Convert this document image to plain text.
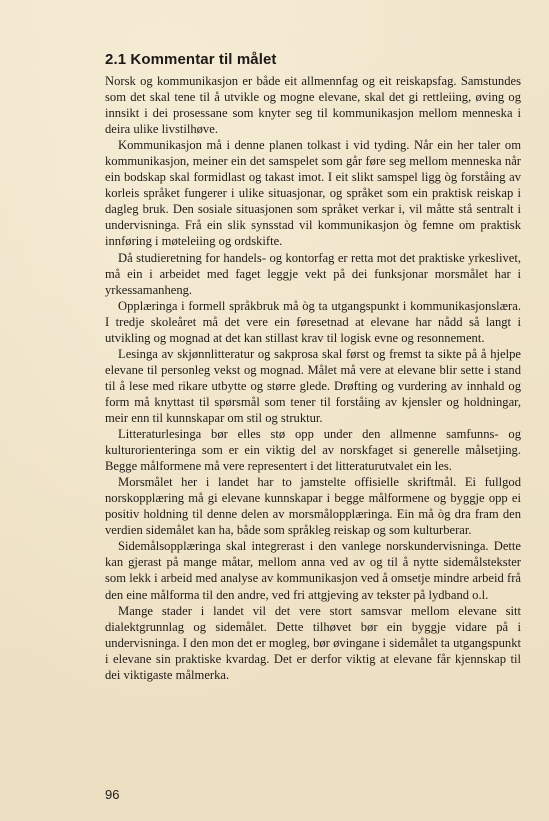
2.1 Kommentar til målet

Norsk og kommunikasjon er både eit allmennfag og eit reiskapsfag. Samstundes som det skal tene til å utvikle og mogne elevane, skal det gi rettleiing, øving og innsikt i dei prosessane som knyter seg til kommunikasjon mellom menneska i deira ulike livstilhøve.

Kommunikasjon må i denne planen tolkast i vid tyding. Når ein her taler om kommunikasjon, meiner ein det samspelet som går føre seg mellom menneska når ein bodskap skal formidlast og takast imot. I eit slikt samspel ligg òg forståing av korleis språket fungerer i ulike situasjonar, og språket som ein praktisk reiskap i dagleg bruk. Den sosiale situasjonen som språket verkar i, vil måtte stå sentralt i undervisninga. Frå ein slik synsstad vil kommunikasjon òg femne om praktisk innføring i møteleiing og ordskifte.

Då studieretning for handels- og kontorfag er retta mot det praktiske yrkeslivet, må ein i arbeidet med faget leggje vekt på dei funksjonar morsmålet har i yrkessamanheng.

Opplæringa i formell språkbruk må òg ta utgangspunkt i kommunikasjonslæra. I tredje skoleåret må det vere ein føresetnad at elevane har nådd så langt i utvikling og mognad at det kan stillast krav til logisk evne og resonnement.

Lesinga av skjønnlitteratur og sakprosa skal først og fremst ta sikte på å hjelpe elevane til personleg vekst og mognad. Målet må vere at elevane blir sette i stand til å lese med rikare utbytte og større glede. Drøfting og vurdering av innhald og form må knyttast til spørsmål som tener til forståing av kjensler og holdningar, meir enn til kunnskapar om stil og struktur.

Litteraturlesinga bør elles stø opp under den allmenne samfunns- og kulturorienteringa som er ein viktig del av norskfaget si generelle målsetjing. Begge målformene må vere representert i det litteraturutvalet ein les.

Morsmålet her i landet har to jamstelte offisielle skriftmål. Ei fullgod norskopplæring må gi elevane kunnskapar i begge målformene og byggje opp ei positiv holdning til denne delen av morsmålopplæringa. Ein må òg dra fram den verdien sidemålet kan ha, både som språkleg reiskap og som kulturberar.

Sidemålsopplæringa skal integrerast i den vanlege norskundervisninga. Dette kan gjerast på mange måtar, mellom anna ved av og til å nytte sidemålstekster som lekk i arbeid med analyse av kommunikasjon ved å omsetje mindre arbeid frå den eine målforma til den andre, ved fri attgjeving av tekster på lydband o.l.

Mange stader i landet vil det vere stort samsvar mellom elevane sitt dialektgrunnlag og sidemålet. Dette tilhøvet bør ein byggje vidare på i undervisninga. I den mon det er mogleg, bør øvingane i sidemålet ta utgangspunkt i elevane sin praktiske kvardag. Det er derfor viktig at elevane får kjennskap til dei viktigaste målmerka.

96
